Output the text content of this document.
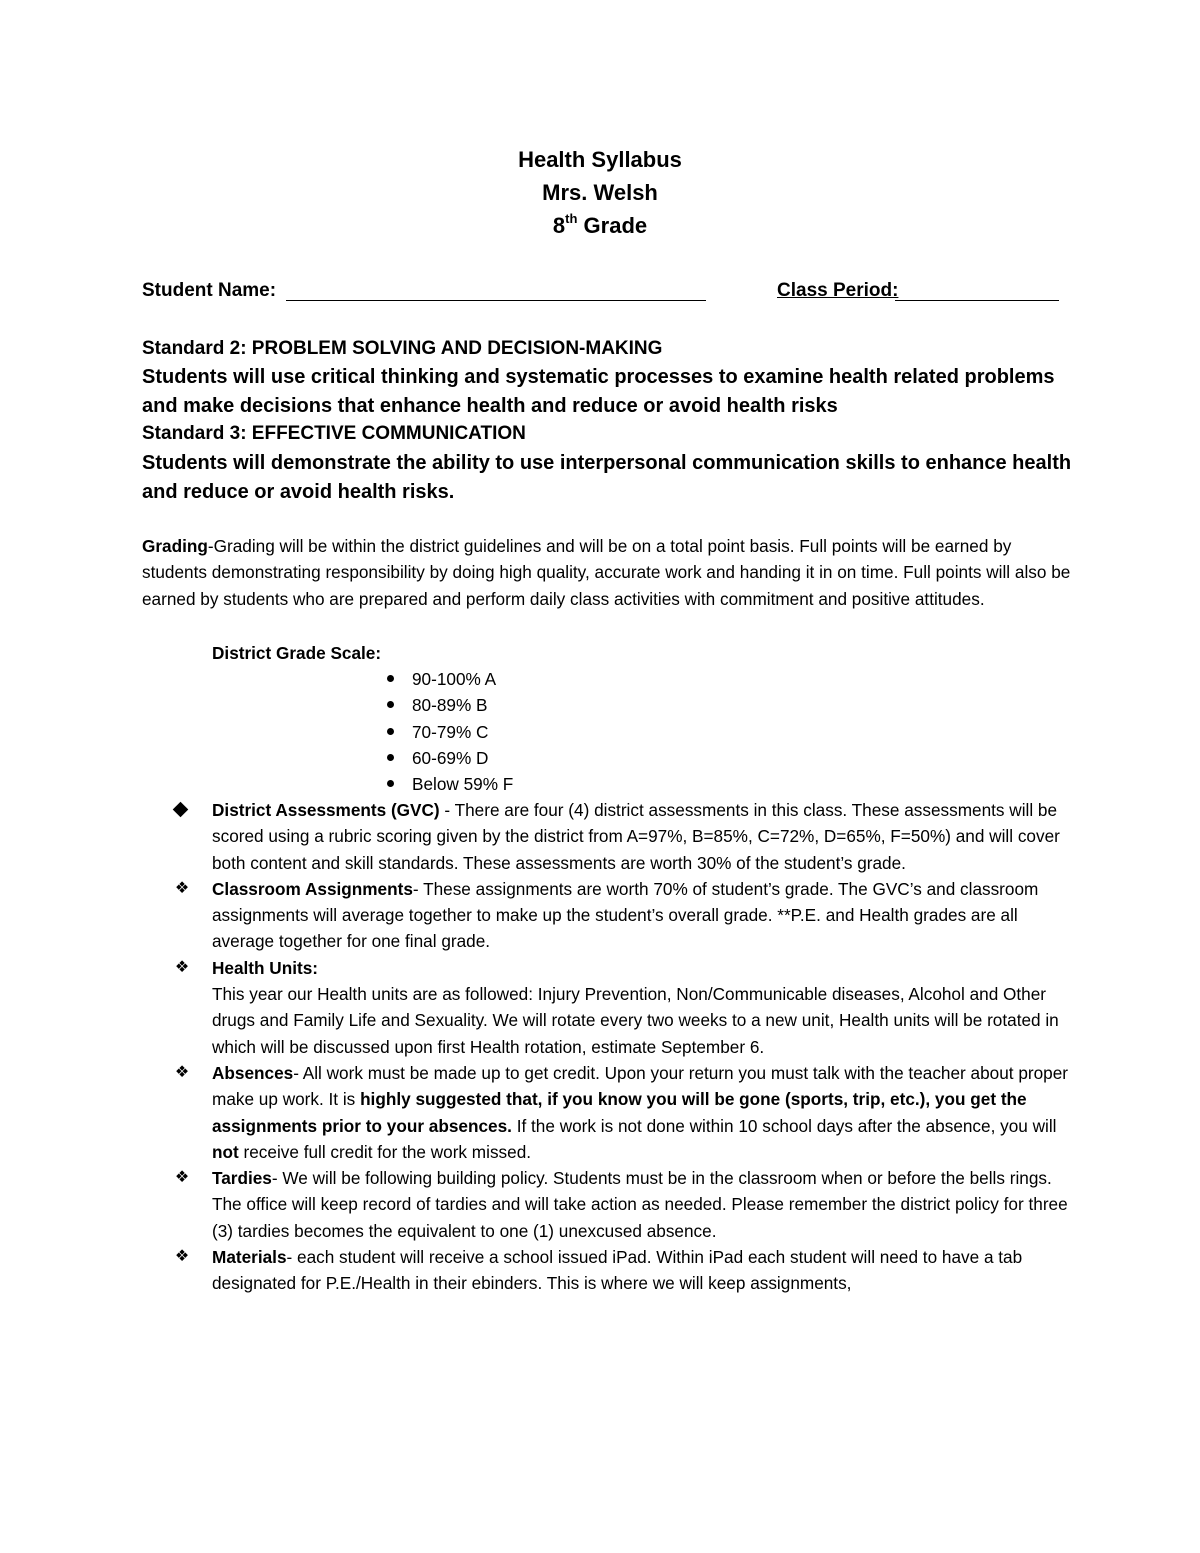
Health Syllabus
Mrs. Welsh
8th Grade
Student Name:	Class Period:
Standard 2: PROBLEM SOLVING AND DECISION-MAKING
Students will use critical thinking and systematic processes to examine health related problems and make decisions that enhance health and reduce or avoid health risks
Standard 3: EFFECTIVE COMMUNICATION
Students will demonstrate the ability to use interpersonal communication skills to enhance health and reduce or avoid health risks.
Grading-Grading will be within the district guidelines and will be on a total point basis. Full points will be earned by students demonstrating responsibility by doing high quality, accurate work and handing it in on time. Full points will also be earned by students who are prepared and perform daily class activities with commitment and positive attitudes.
District Grade Scale:
90-100% A
80-89% B
70-79% C
60-69% D
Below 59% F
District Assessments (GVC) - There are four (4) district assessments in this class. These assessments will be scored using a rubric scoring given by the district from A=97%, B=85%, C=72%, D=65%, F=50%) and will cover both content and skill standards. These assessments are worth 30% of the student’s grade.
❖ Classroom Assignments- These assignments are worth 70% of student’s grade. The GVC’s and classroom assignments will average together to make up the student’s overall grade. **P.E. and Health grades are all average together for one final grade.
❖ Health Units:
This year our Health units are as followed: Injury Prevention, Non/Communicable diseases, Alcohol and Other drugs and Family Life and Sexuality. We will rotate every two weeks to a new unit, Health units will be rotated in which will be discussed upon first Health rotation, estimate September 6.
❖ Absences- All work must be made up to get credit. Upon your return you must talk with the teacher about proper make up work. It is highly suggested that, if you know you will be gone (sports, trip, etc.), you get the assignments prior to your absences. If the work is not done within 10 school days after the absence, you will not receive full credit for the work missed.
❖ Tardies- We will be following building policy. Students must be in the classroom when or before the bells rings. The office will keep record of tardies and will take action as needed. Please remember the district policy for three (3) tardies becomes the equivalent to one (1) unexcused absence.
❖ Materials- each student will receive a school issued iPad. Within iPad each student will need to have a tab designated for P.E./Health in their ebinders. This is where we will keep assignments,
